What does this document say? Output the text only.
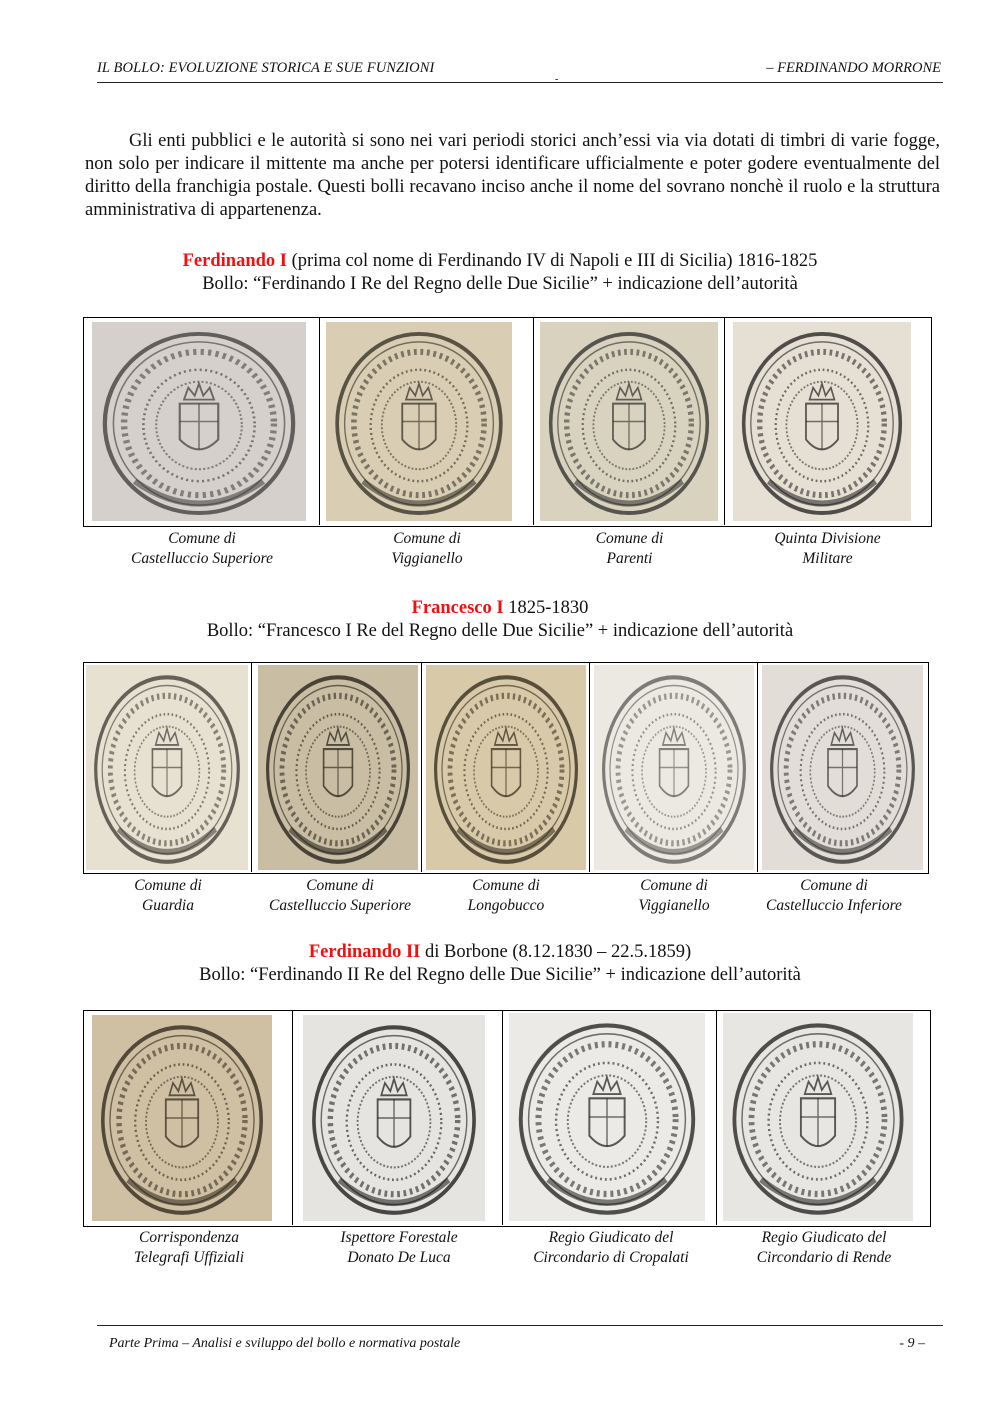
IL BOLLO: EVOLUZIONE STORICA E SUE FUNZIONI
-
– FERDINANDO MORRONE
Gli enti pubblici e le autorità si sono nei vari periodi storici anch’essi via via dotati di timbri di varie fogge, non solo per indicare il mittente ma anche per potersi identificare ufficialmente e poter godere eventualmente del diritto della franchigia postale. Questi bolli recavano inciso anche il nome del sovrano nonchè il ruolo e la struttura amministrativa di appartenenza.
Ferdinando I (prima col nome di Ferdinando IV di Napoli e III di Sicilia) 1816-1825
Bollo: “Ferdinando I Re del Regno delle Due Sicilie” + indicazione dell’autorità
Comune di
Castelluccio Superiore
Comune di
Viggianello
Comune di
Parenti
Quinta Divisione
Militare
Francesco I 1825-1830
Bollo: “Francesco I Re del Regno delle Due Sicilie” + indicazione dell’autorità
Comune di
Guardia
Comune di
Castelluccio Superiore
Comune di
Longobucco
Comune di
Viggianello
Comune di
Castelluccio Inferiore
Ferdinando II di Borbone (8.12.1830 – 22.5.1859)
Bollo: “Ferdinando II Re del Regno delle Due Sicilie” + indicazione dell’autorità
Corrispondenza
Telegrafi Uffiziali
Ispettore Forestale
Donato De Luca
Regio Giudicato del
Circondario di Cropalati
Regio Giudicato del
Circondario di Rende
Parte Prima – Analisi e sviluppo del bollo e normativa postale	- 9 –
